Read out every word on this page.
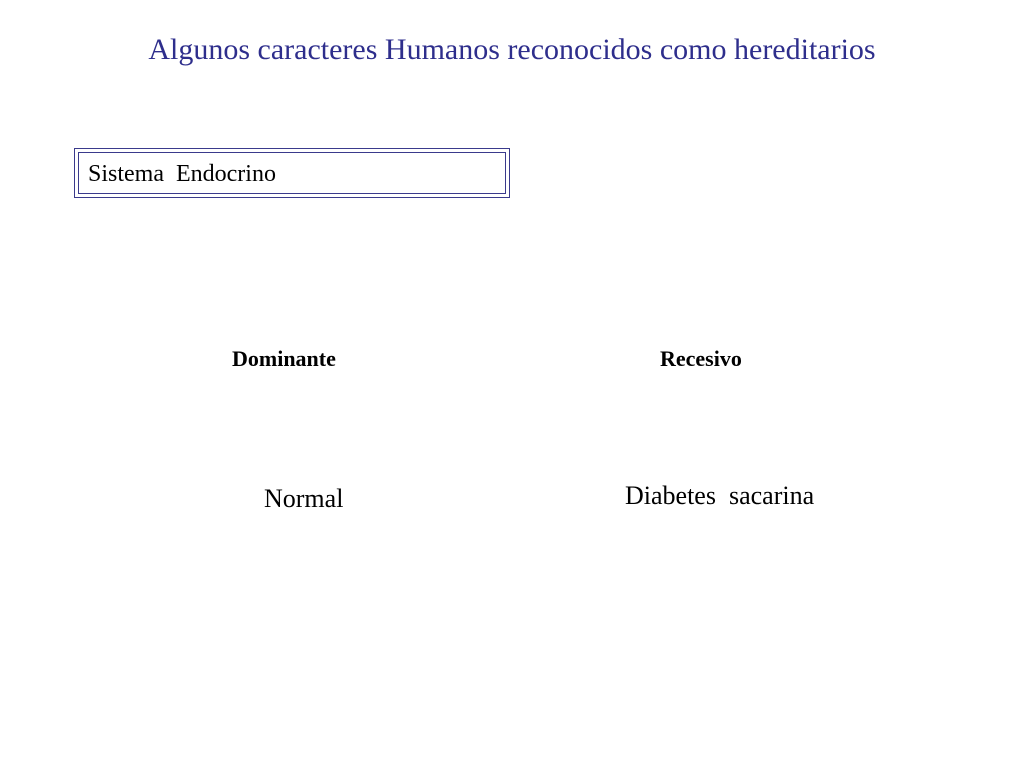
Algunos caracteres Humanos reconocidos como hereditarios
Sistema  Endocrino
Dominante	Recesivo
Normal	Diabetes  sacarina
